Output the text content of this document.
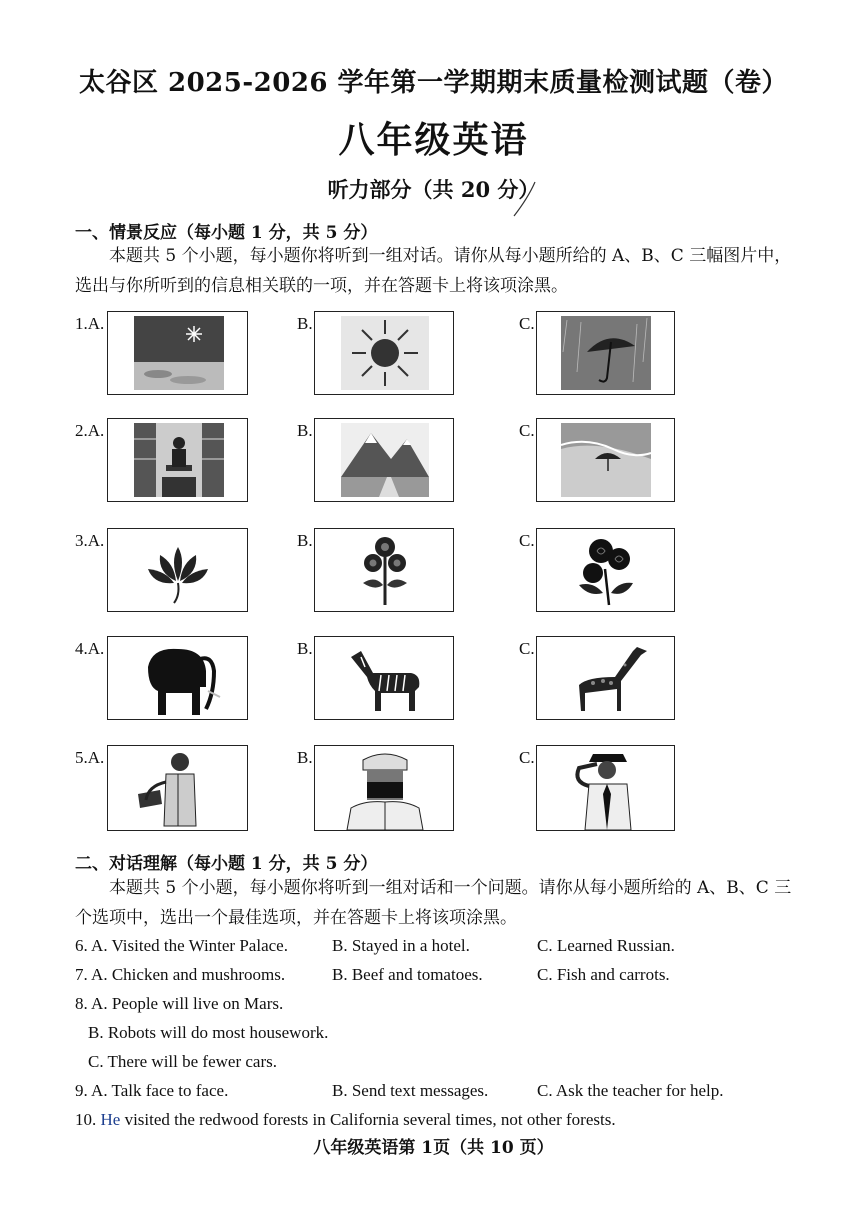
太谷区 2025-2026 学年第一学期期末质量检测试题（卷）
八年级英语
听力部分（共 20 分）
一、情景反应（每小题 1 分，共 5 分）
本题共 5 个小题，每小题你将听到一组对话。请你从每小题所给的 A、B、C 三幅图片中，选出与你所听到的信息相关联的一项，并在答题卡上将该项涂黑。
1.A.	B.	C.
2.A.	B.	C.
3.A.	B.	C.
4.A.	B.	C.
5.A.	B.	C.
二、对话理解（每小题 1 分，共 5 分）
本题共 5 个小题，每小题你将听到一组对话和一个问题。请你从每小题所给的 A、B、C 三个选项中，选出一个最佳选项，并在答题卡上将该项涂黑。
6. A. Visited the Winter Palace.	B. Stayed in a hotel.	C. Learned Russian.
7. A. Chicken and mushrooms.	B. Beef and tomatoes.	C. Fish and carrots.
8. A. People will live on Mars.
B. Robots will do most housework.
C. There will be fewer cars.
9. A. Talk face to face.	B. Send text messages.	C. Ask the teacher for help.
10. He visited the redwood forests in California several times, not other forests.
八年级英语第 1页（共 10 页）
